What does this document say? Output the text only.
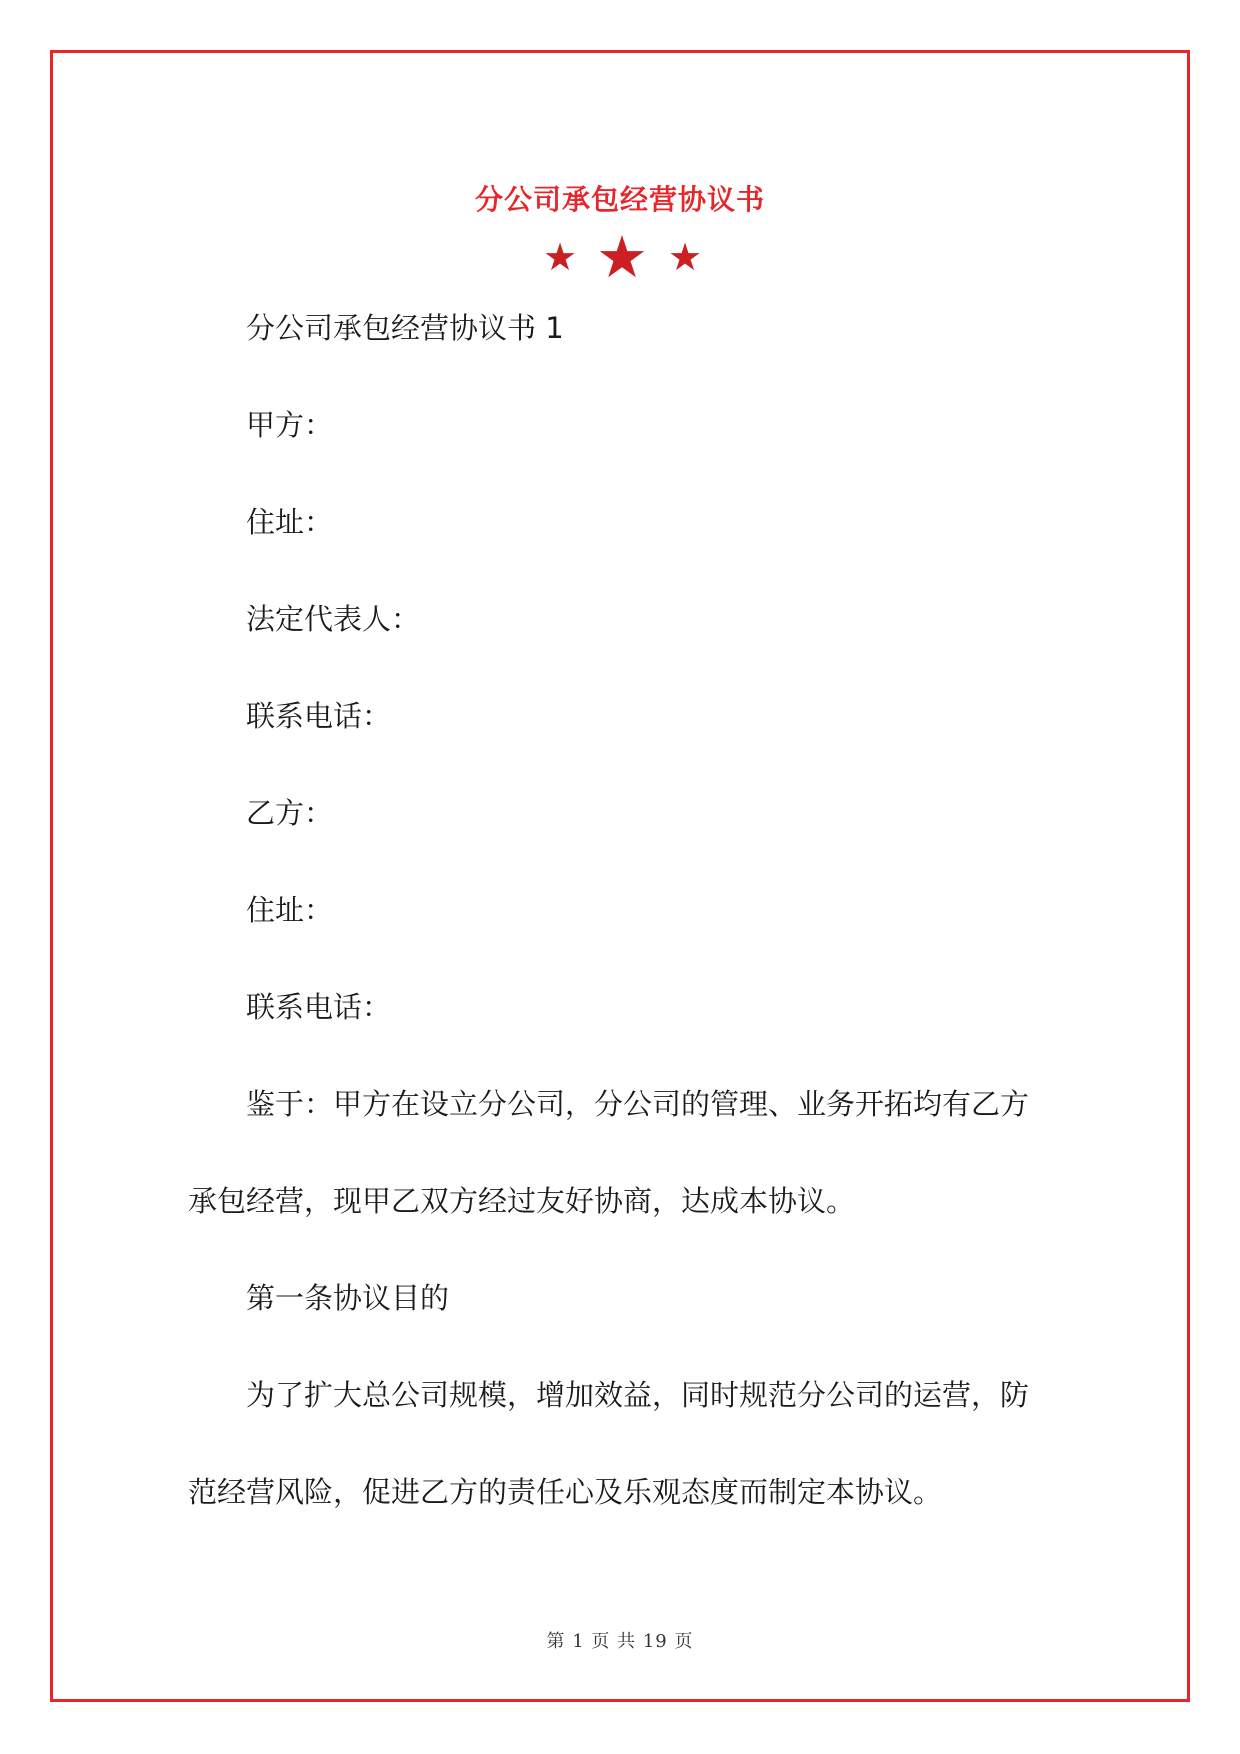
分公司承包经营协议书
★ ★ ★
分公司承包经营协议书 1
甲方：
住址：
法定代表人：
联系电话：
乙方：
住址：
联系电话：
鉴于：甲方在设立分公司，分公司的管理、业务开拓均有乙方
承包经营，现甲乙双方经过友好协商，达成本协议。
第一条协议目的
为了扩大总公司规模，增加效益，同时规范分公司的运营，防
范经营风险，促进乙方的责任心及乐观态度而制定本协议。
第 1 页 共 19 页
